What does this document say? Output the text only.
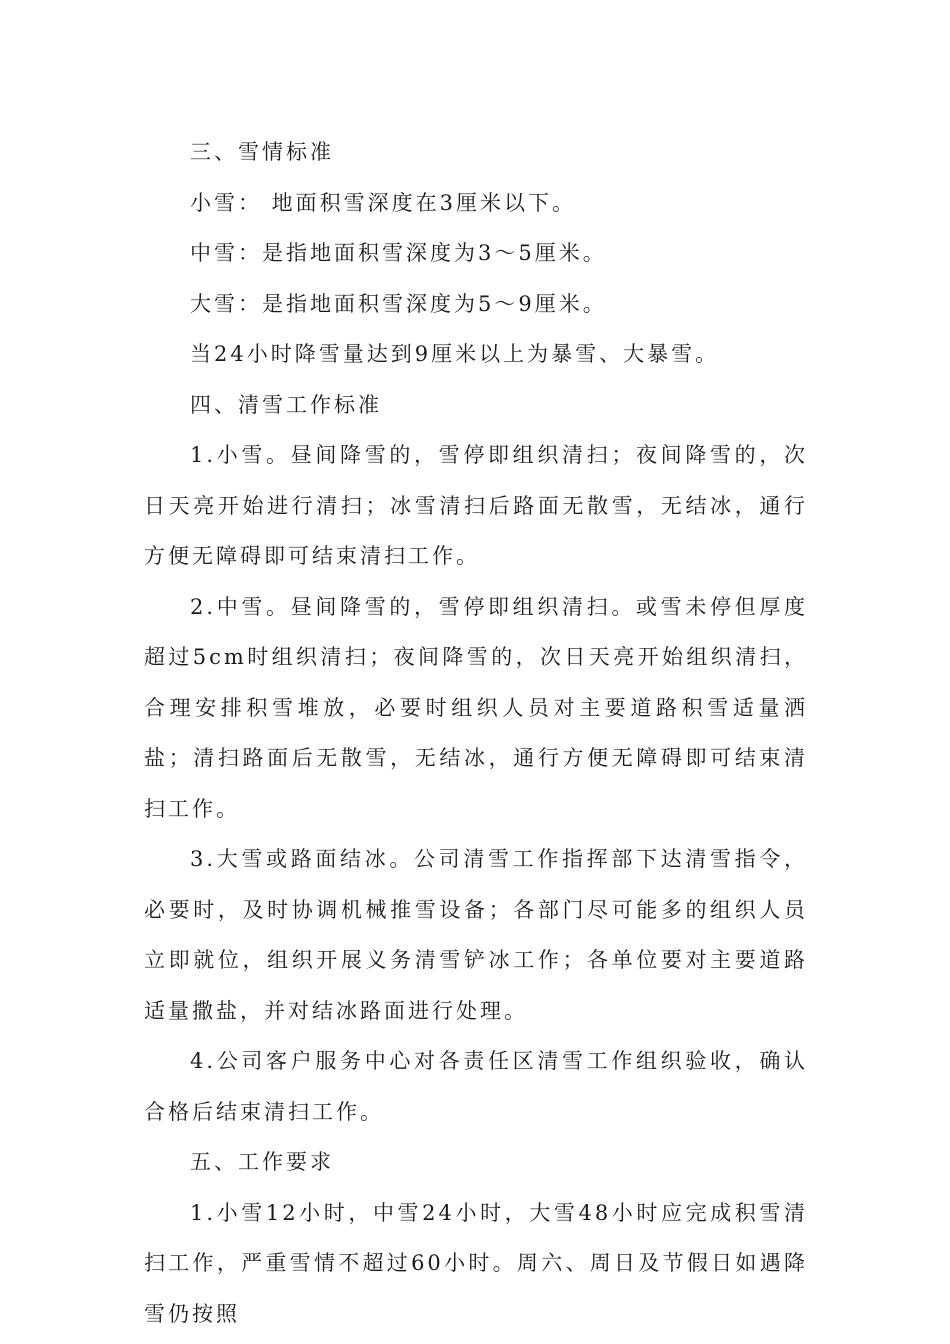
三、雪情标准

小雪： 地面积雪深度在3厘米以下。

中雪：是指地面积雪深度为3～5厘米。

大雪：是指地面积雪深度为5～9厘米。

当24小时降雪量达到9厘米以上为暴雪、大暴雪。

四、清雪工作标准

1.小雪。昼间降雪的，雪停即组织清扫；夜间降雪的，次日天亮开始进行清扫；冰雪清扫后路面无散雪，无结冰，通行方便无障碍即可结束清扫工作。

2.中雪。昼间降雪的，雪停即组织清扫。或雪未停但厚度超过5cm时组织清扫；夜间降雪的，次日天亮开始组织清扫，合理安排积雪堆放，必要时组织人员对主要道路积雪适量洒盐；清扫路面后无散雪，无结冰，通行方便无障碍即可结束清扫工作。

3.大雪或路面结冰。公司清雪工作指挥部下达清雪指令，必要时，及时协调机械推雪设备；各部门尽可能多的组织人员立即就位，组织开展义务清雪铲冰工作；各单位要对主要道路适量撒盐，并对结冰路面进行处理。

4.公司客户服务中心对各责任区清雪工作组织验收，确认合格后结束清扫工作。

五、工作要求

1.小雪12小时，中雪24小时，大雪48小时应完成积雪清扫工作，严重雪情不超过60小时。周六、周日及节假日如遇降雪仍按照
